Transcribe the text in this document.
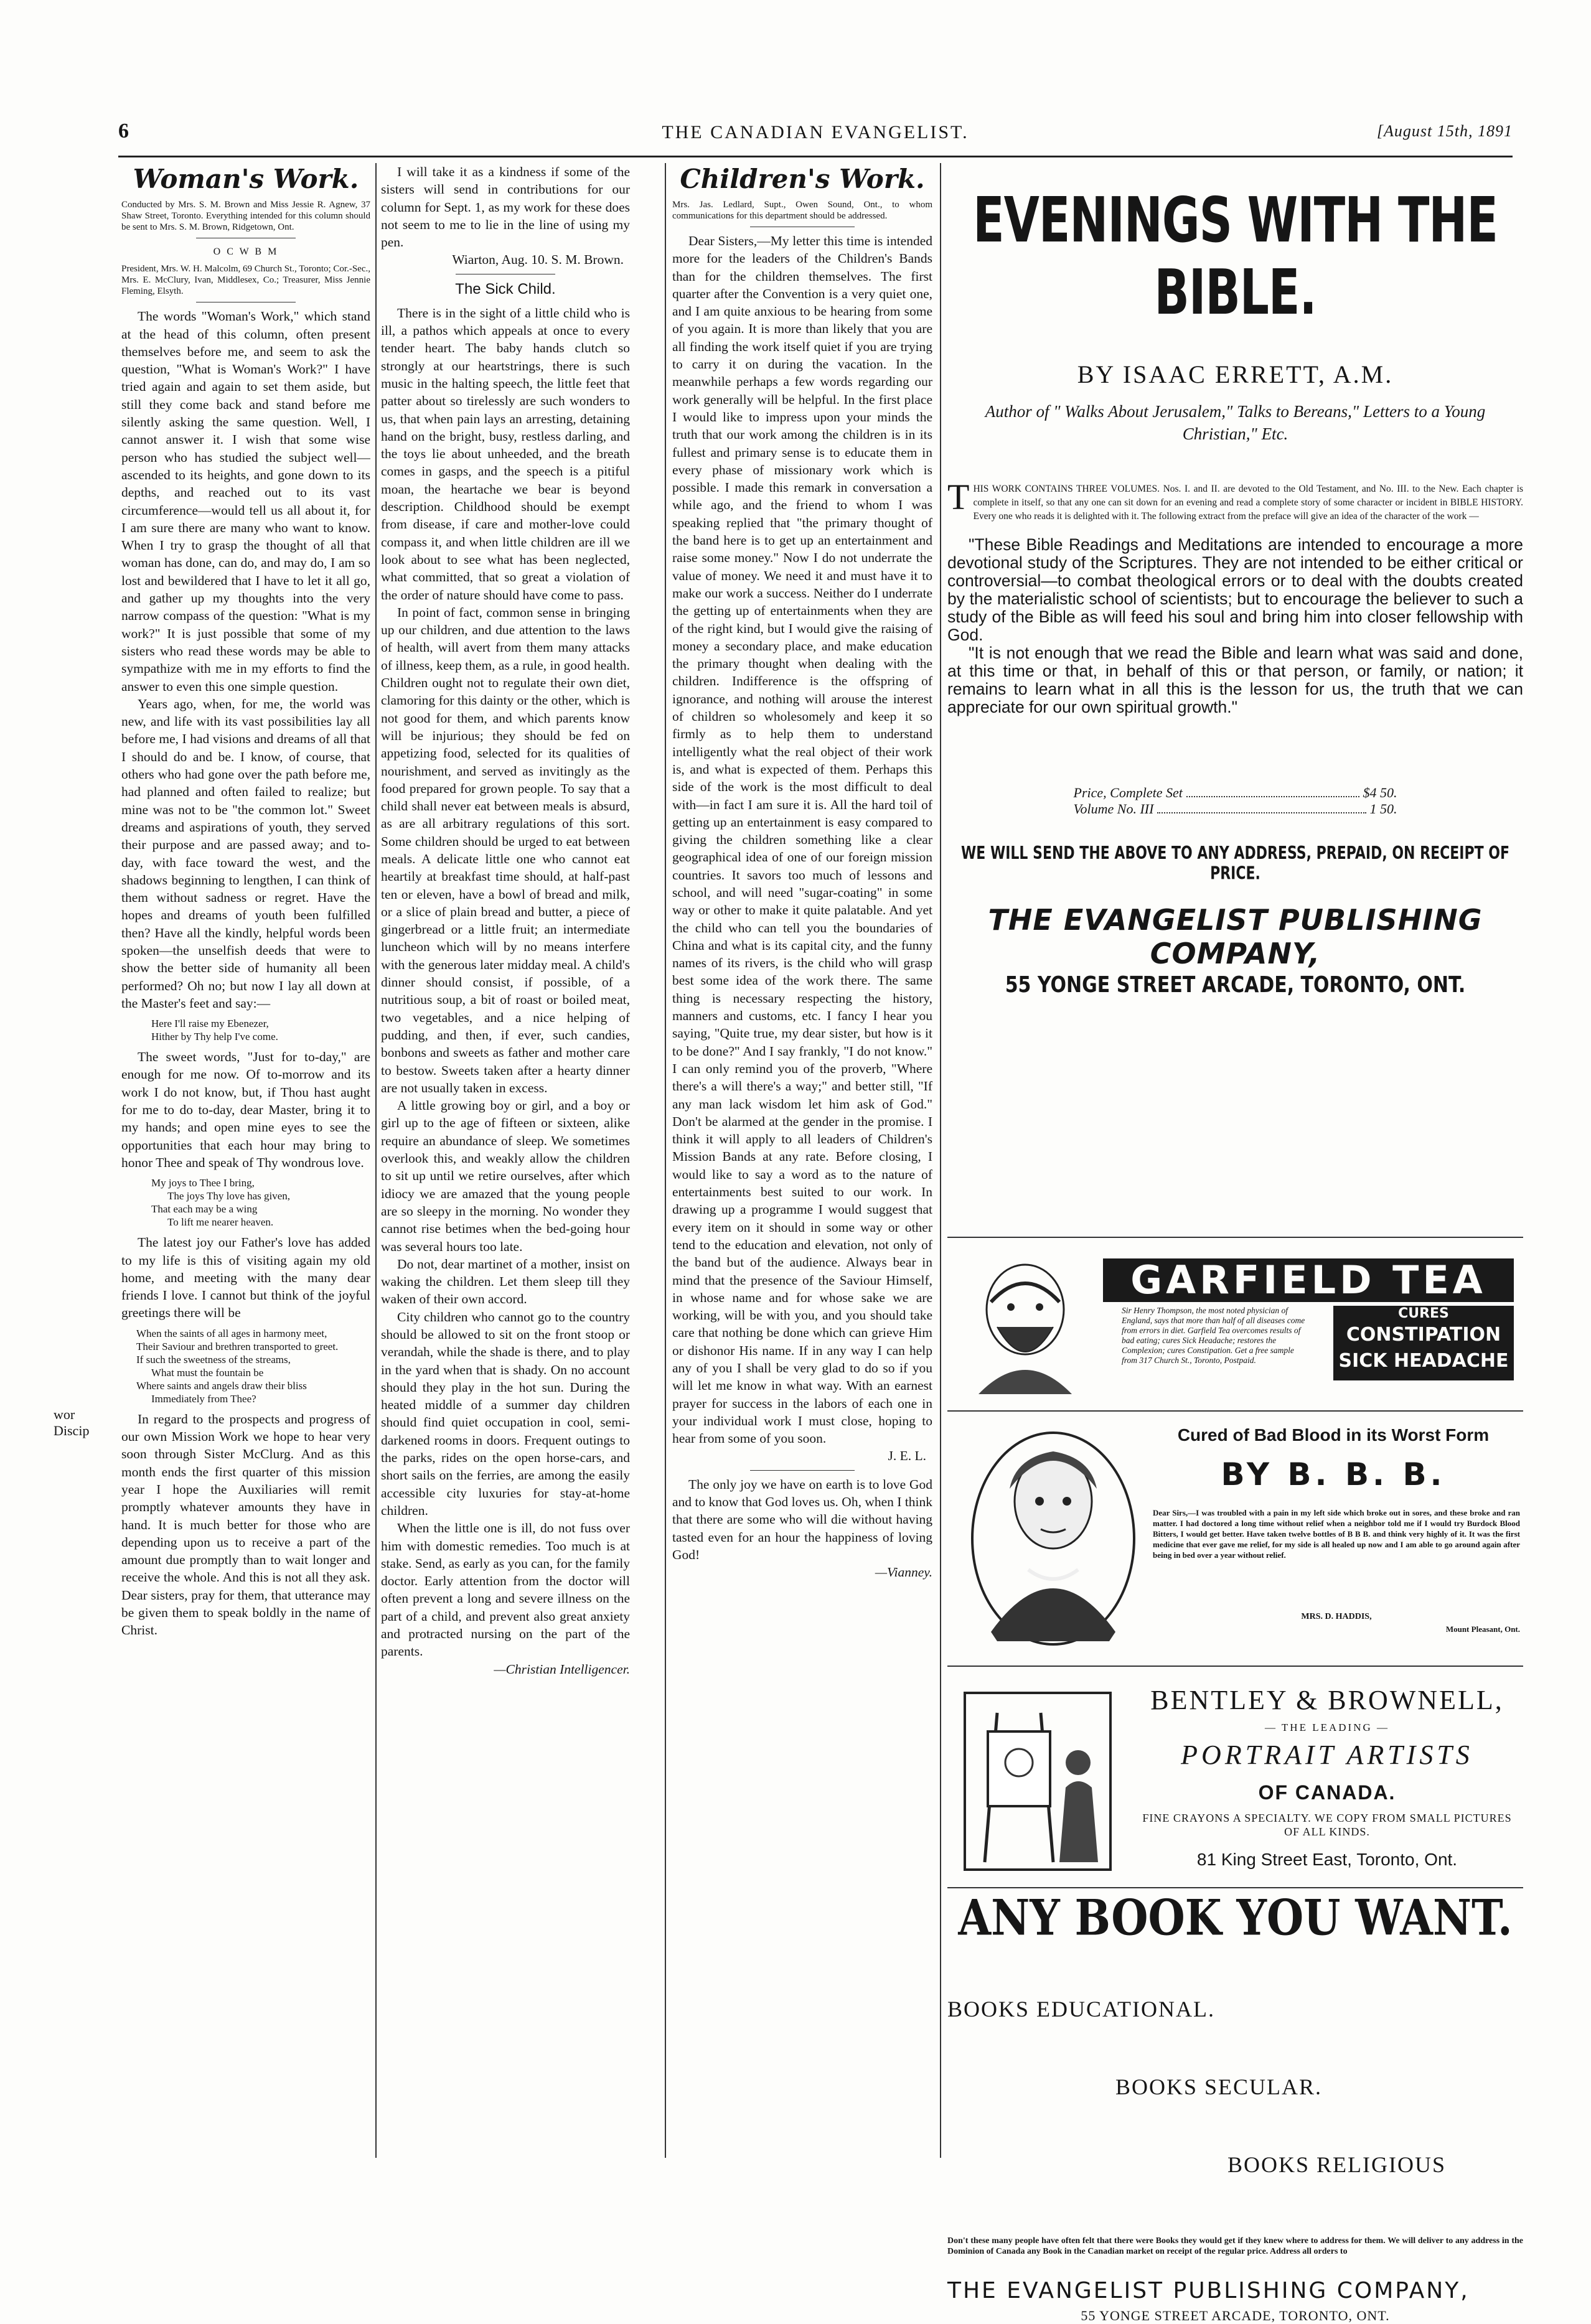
6	THE CANADIAN EVANGELIST.	[August 15th, 1891
wor
Discip
Woman's Work.

Conducted by Mrs. S. M. Brown and Miss Jessie R. Agnew, 37 Shaw Street, Toronto. Everything intended for this column should be sent to Mrs. S. M. Brown, Ridgetown, Ont.

O C W B M

President, Mrs. W. H. Malcolm, 69 Church St., Toronto; Cor.-Sec., Mrs. E. McClury, Ivan, Middlesex, Co.; Treasurer, Miss Jennie Fleming, Elsyth.

The words "Woman's Work," which stand at the head of this column, often present themselves before me, and seem to ask the question, "What is Woman's Work?" I have tried again and again to set them aside, but still they come back and stand before me silently asking the same question. Well, I cannot answer it. I wish that some wise person who has studied the subject well—ascended to its heights, and gone down to its depths, and reached out to its vast circumference—would tell us all about it, for I am sure there are many who want to know. When I try to grasp the thought of all that woman has done, can do, and may do, I am so lost and bewildered that I have to let it all go, and gather up my thoughts into the very narrow compass of the question: "What is my work?" It is just possible that some of my sisters who read these words may be able to sympathize with me in my efforts to find the answer to even this one simple question.

Years ago, when, for me, the world was new, and life with its vast possibilities lay all before me, I had visions and dreams of all that I should do and be. I know, of course, that others who had gone over the path before me, had planned and often failed to realize; but mine was not to be "the common lot." Sweet dreams and aspirations of youth, they served their purpose and are passed away; and to-day, with face toward the west, and the shadows beginning to lengthen, I can think of them without sadness or regret. Have the hopes and dreams of youth been fulfilled then? Have all the kindly, helpful words been spoken—the unselfish deeds that were to show the better side of humanity all been performed? Oh no; but now I lay all down at the Master's feet and say:—

Here I'll raise my Ebenezer,
Hither by Thy help I've come.

The sweet words, "Just for to-day," are enough for me now. Of to-morrow and its work I do not know, but, if Thou hast aught for me to do to-day, dear Master, bring it to my hands; and open mine eyes to see the opportunities that each hour may bring to honor Thee and speak of Thy wondrous love.

My joys to Thee I bring,
The joys Thy love has given,
That each may be a wing
To lift me nearer heaven.

The latest joy our Father's love has added to my life is this of visiting again my old home, and meeting with the many dear friends I love. I cannot but think of the joyful greetings there will be

When the saints of all ages in harmony meet,
Their Saviour and brethren transported to greet.
If such the sweetness of the streams,
What must the fountain be
Where saints and angels draw their bliss
Immediately from Thee?

In regard to the prospects and progress of our own Mission Work we hope to hear very soon through Sister McClurg. And as this month ends the first quarter of this mission year I hope the Auxiliaries will remit promptly whatever amounts they have in hand. It is much better for those who are depending upon us to receive a part of the amount due promptly than to wait longer and receive the whole. And this is not all they ask. Dear sisters, pray for them, that utterance may be given them to speak boldly in the name of Christ.

I will take it as a kindness if some of the sisters will send in contributions for our column for Sept. 1, as my work for these does not seem to me to lie in the line of using my pen.

Wiarton, Aug. 10. S. M. Brown.

The Sick Child.

There is in the sight of a little child who is ill, a pathos which appeals at once to every tender heart. The baby hands clutch so strongly at our heartstrings, there is such music in the halting speech, the little feet that patter about so tirelessly are such wonders to us, that when pain lays an arresting, detaining hand on the bright, busy, restless darling, and the toys lie about unheeded, and the breath comes in gasps, and the speech is a pitiful moan, the heartache we bear is beyond description. Childhood should be exempt from disease, if care and mother-love could compass it, and when little children are ill we look about to see what has been neglected, what committed, that so great a violation of the order of nature should have come to pass.

In point of fact, common sense in bringing up our children, and due attention to the laws of health, will avert from them many attacks of illness, keep them, as a rule, in good health. Children ought not to regulate their own diet, clamoring for this dainty or the other, which is not good for them, and which parents know will be injurious; they should be fed on appetizing food, selected for its qualities of nourishment, and served as invitingly as the food prepared for grown people. To say that a child shall never eat between meals is absurd, as are all arbitrary regulations of this sort. Some children should be urged to eat between meals. A delicate little one who cannot eat heartily at breakfast time should, at half-past ten or eleven, have a bowl of bread and milk, or a slice of plain bread and butter, a piece of gingerbread or a little fruit; an intermediate luncheon which will by no means interfere with the generous later midday meal. A child's dinner should consist, if possible, of a nutritious soup, a bit of roast or boiled meat, two vegetables, and a nice helping of pudding, and then, if ever, such candies, bonbons and sweets as father and mother care to bestow. Sweets taken after a hearty dinner are not usually taken in excess.

A little growing boy or girl, and a boy or girl up to the age of fifteen or sixteen, alike require an abundance of sleep. We sometimes overlook this, and weakly allow the children to sit up until we retire ourselves, after which idiocy we are amazed that the young people are so sleepy in the morning. No wonder they cannot rise betimes when the bed-going hour was several hours too late.

Do not, dear martinet of a mother, insist on waking the children. Let them sleep till they waken of their own accord.

City children who cannot go to the country should be allowed to sit on the front stoop or verandah, while the shade is there, and to play in the yard when that is shady. On no account should they play in the hot sun. During the heated middle of a summer day children should find quiet occupation in cool, semi-darkened rooms in doors. Frequent outings to the parks, rides on the open horse-cars, and short sails on the ferries, are among the easily accessible city luxuries for stay-at-home children.

When the little one is ill, do not fuss over him with domestic remedies. Too much is at stake. Send, as early as you can, for the family doctor. Early attention from the doctor will often prevent a long and severe illness on the part of a child, and prevent also great anxiety and protracted nursing on the part of the parents.

—Christian Intelligencer.

Children's Work.

Mrs. Jas. Ledlard, Supt., Owen Sound, Ont., to whom communications for this department should be addressed.

Dear Sisters,—My letter this time is intended more for the leaders of the Children's Bands than for the children themselves. The first quarter after the Convention is a very quiet one, and I am quite anxious to be hearing from some of you again. It is more than likely that you are all finding the work itself quiet if you are trying to carry it on during the vacation. In the meanwhile perhaps a few words regarding our work generally will be helpful. In the first place I would like to impress upon your minds the truth that our work among the children is in its fullest and primary sense is to educate them in every phase of missionary work which is possible. I made this remark in conversation a while ago, and the friend to whom I was speaking replied that "the primary thought of the band here is to get up an entertainment and raise some money." Now I do not underrate the value of money. We need it and must have it to make our work a success. Neither do I underrate the getting up of entertainments when they are of the right kind, but I would give the raising of money a secondary place, and make education the primary thought when dealing with the children. Indifference is the offspring of ignorance, and nothing will arouse the interest of children so wholesomely and keep it so firmly as to help them to understand intelligently what the real object of their work is, and what is expected of them. Perhaps this side of the work is the most difficult to deal with—in fact I am sure it is. All the hard toil of getting up an entertainment is easy compared to giving the children something like a clear geographical idea of one of our foreign mission countries. It savors too much of lessons and school, and will need "sugar-coating" in some way or other to make it quite palatable. And yet the child who can tell you the boundaries of China and what is its capital city, and the funny names of its rivers, is the child who will grasp best some idea of the work there. The same thing is necessary respecting the history, manners and customs, etc. I fancy I hear you saying, "Quite true, my dear sister, but how is it to be done?" And I say frankly, "I do not know." I can only remind you of the proverb, "Where there's a will there's a way;" and better still, "If any man lack wisdom let him ask of God." Don't be alarmed at the gender in the promise. I think it will apply to all leaders of Children's Mission Bands at any rate. Before closing, I would like to say a word as to the nature of entertainments best suited to our work. In drawing up a programme I would suggest that every item on it should in some way or other tend to the education and elevation, not only of the band but of the audience. Always bear in mind that the presence of the Saviour Himself, in whose name and for whose sake we are working, will be with you, and you should take care that nothing be done which can grieve Him or dishonor His name. If in any way I can help any of you I shall be very glad to do so if you will let me know in what way. With an earnest prayer for success in the labors of each one in your individual work I must close, hoping to hear from some of you soon.

J. E. L.

The only joy we have on earth is to love God and to know that God loves us. Oh, when I think that there are some who will die without having tasted even for an hour the happiness of loving God!

—Vianney.

EVENINGS WITH THE BIBLE.
BY ISAAC ERRETT, A.M.
Author of " Walks About Jerusalem," Talks to Bereans," Letters to a Young Christian," Etc.
T HIS WORK CONTAINS THREE VOLUMES. Nos. I. and II. are devoted to the Old Testament, and No. III. to the New. Each chapter is complete in itself, so that any one can sit down for an evening and read a complete story of some character or incident in BIBLE HISTORY. Every one who reads it is delighted with it. The following extract from the preface will give an idea of the character of the work —

"These Bible Readings and Meditations are intended to encourage a more devotional study of the Scriptures. They are not intended to be either critical or controversial—to combat theological errors or to deal with the doubts created by the materialistic school of scientists; but to encourage the believer to such a study of the Bible as will feed his soul and bring him into closer fellowship with God.

"It is not enough that we read the Bible and learn what was said and done, at this time or that, in behalf of this or that person, or family, or nation; it remains to learn what in all this is the lesson for us, the truth that we can appreciate for our own spiritual growth."

Price, Complete Set	$4 50.
Volume No. III	1 50.
WE WILL SEND THE ABOVE TO ANY ADDRESS, PREPAID, ON RECEIPT OF PRICE.
THE EVANGELIST PUBLISHING COMPANY,
55 YONGE STREET ARCADE, TORONTO, ONT.
GARFIELD TEA
Sir Henry Thompson, the most noted physician of England, says that more than half of all diseases come from errors in diet. Garfield Tea overcomes results of bad eating; cures Sick Headache; restores the Complexion; cures Constipation. Get a free sample from 317 Church St., Toronto, Postpaid.
CURES
CONSTIPATION
SICK HEADACHE
Cured of Bad Blood in its Worst Form
BY B. B. B.
Dear Sirs,—I was troubled with a pain in my left side which broke out in sores, and these broke and ran matter. I had doctored a long time without relief when a neighbor told me if I would try Burdock Blood Bitters, I would get better. Have taken twelve bottles of B B B. and think very highly of it. It was the first medicine that ever gave me relief, for my side is all healed up now and I am able to go around again after being in bed over a year without relief.
MRS. D. HADDIS,
Mount Pleasant, Ont.
BENTLEY & BROWNELL,
— THE LEADING —
PORTRAIT ARTISTS
OF CANADA.
FINE CRAYONS A SPECIALTY. WE COPY FROM SMALL PICTURES OF ALL KINDS.
81 King Street East, Toronto, Ont.
ANY BOOK YOU WANT.
BOOKS EDUCATIONAL.
BOOKS SECULAR.
BOOKS RELIGIOUS
Don't these many people have often felt that there were Books they would get if they knew where to address for them. We will deliver to any address in the Dominion of Canada any Book in the Canadian market on receipt of the regular price. Address all orders to
THE EVANGELIST PUBLISHING COMPANY,
55 YONGE STREET ARCADE, TORONTO, ONT.
